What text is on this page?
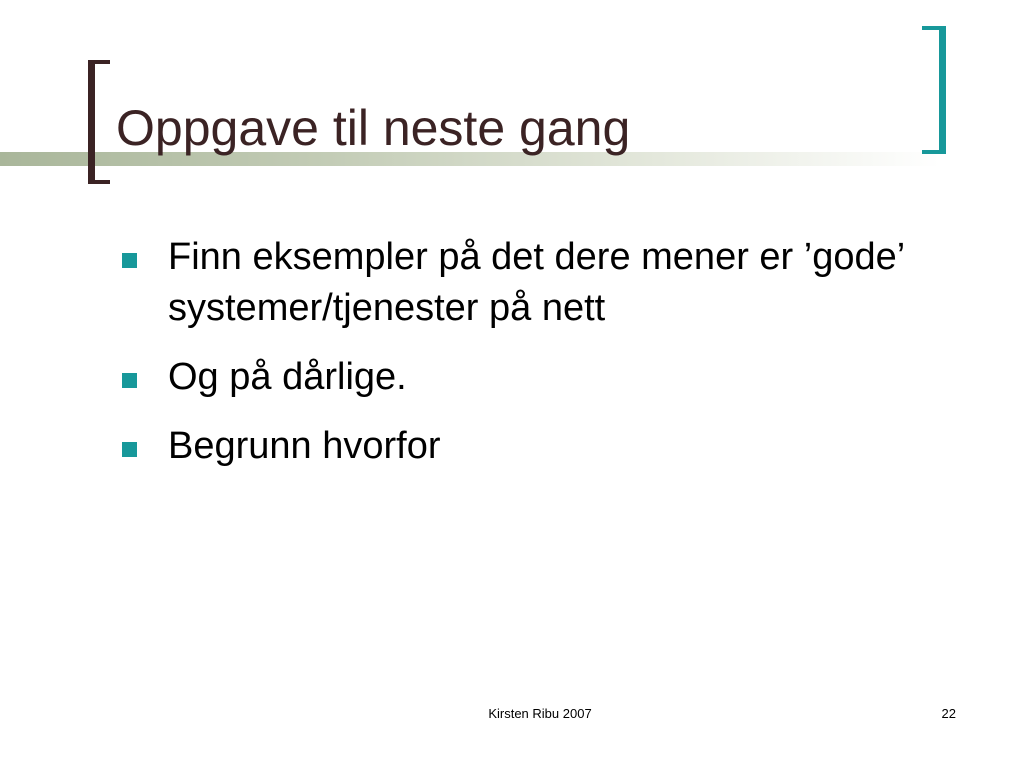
Oppgave til neste gang
Finn eksempler på det dere mener er ’gode’ systemer/tjenester på nett
Og på dårlige.
Begrunn hvorfor
Kirsten Ribu 2007	22
